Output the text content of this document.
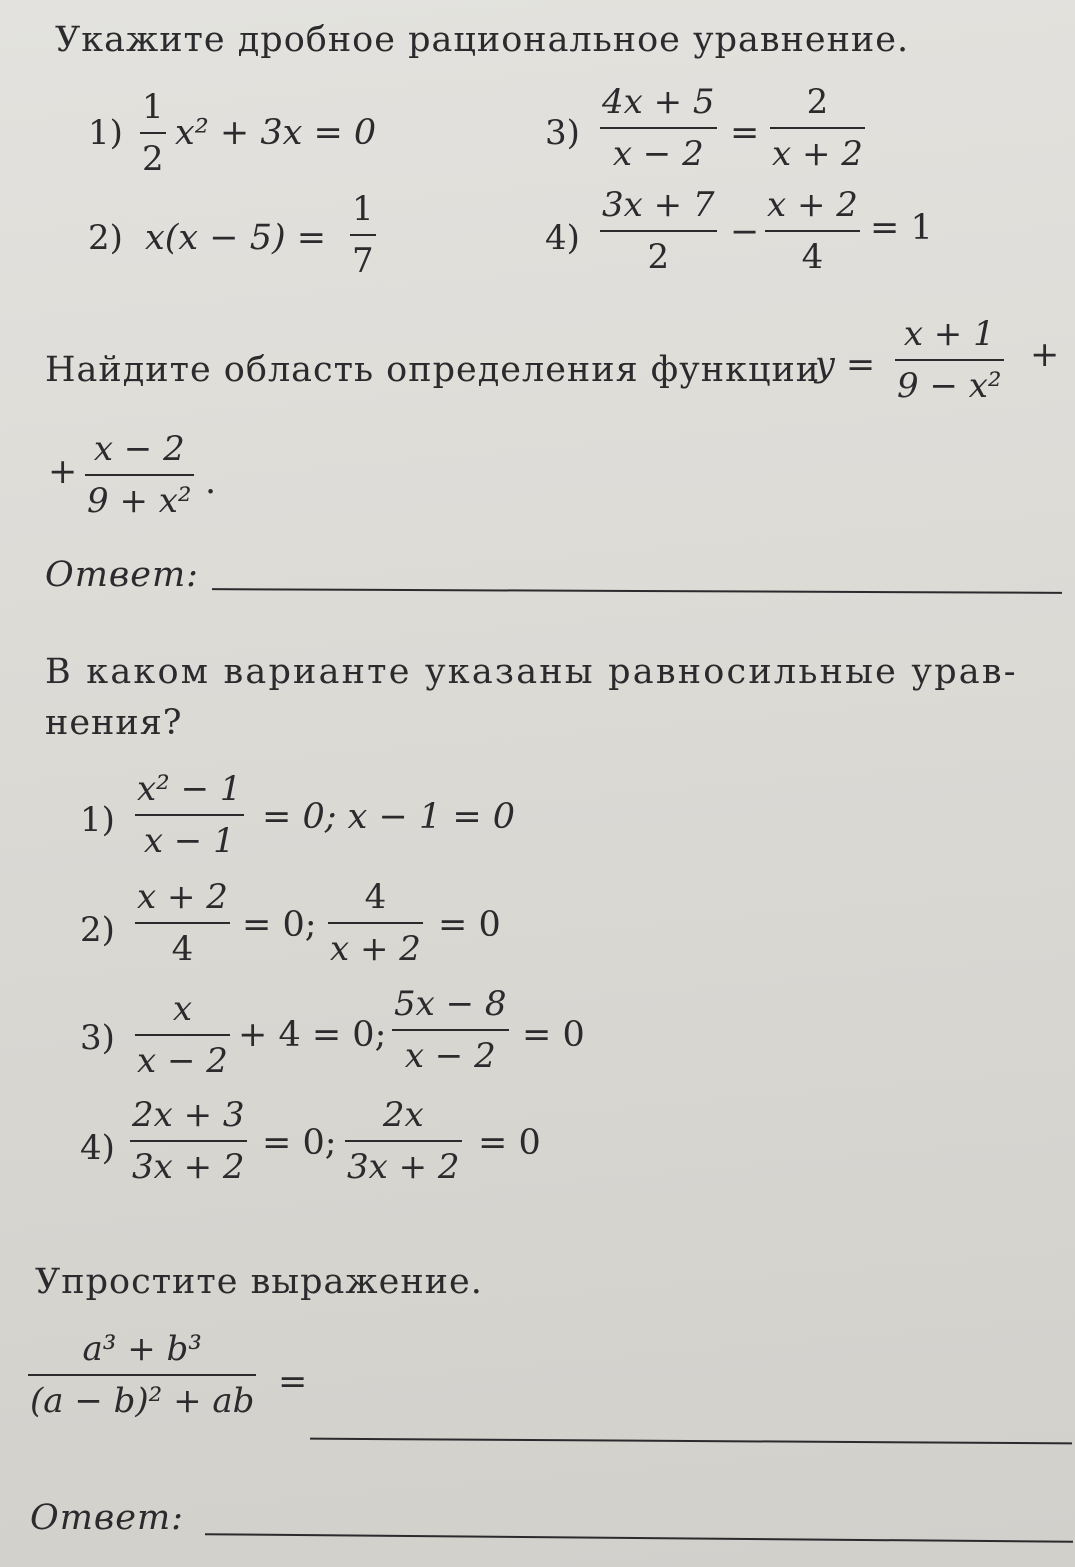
Укажите дробное рациональное уравнение.
1)
1
2
x² + 3x = 0
2) x(x − 5) =
1
7
3)
4x + 5
x − 2
=
2
x + 2
4)
3x + 7
2
−
x + 2
4
= 1
Найдите область определения функции
y =
x + 1
9 − x²
+
+
x − 2
9 + x² .
Ответ:
В каком варианте указаны равносильные урав-
нения?
1)
x² − 1
x − 1
= 0; x − 1 = 0
2)
x + 2
4
= 0;
4
x + 2
= 0
3)
x
x − 2
+ 4 = 0;
5x − 8
x − 2
= 0
4)
2x + 3
3x + 2
= 0;
2x
3x + 2
= 0
Упростите выражение.
a³ + b³
(a − b)² + ab =
Ответ:
